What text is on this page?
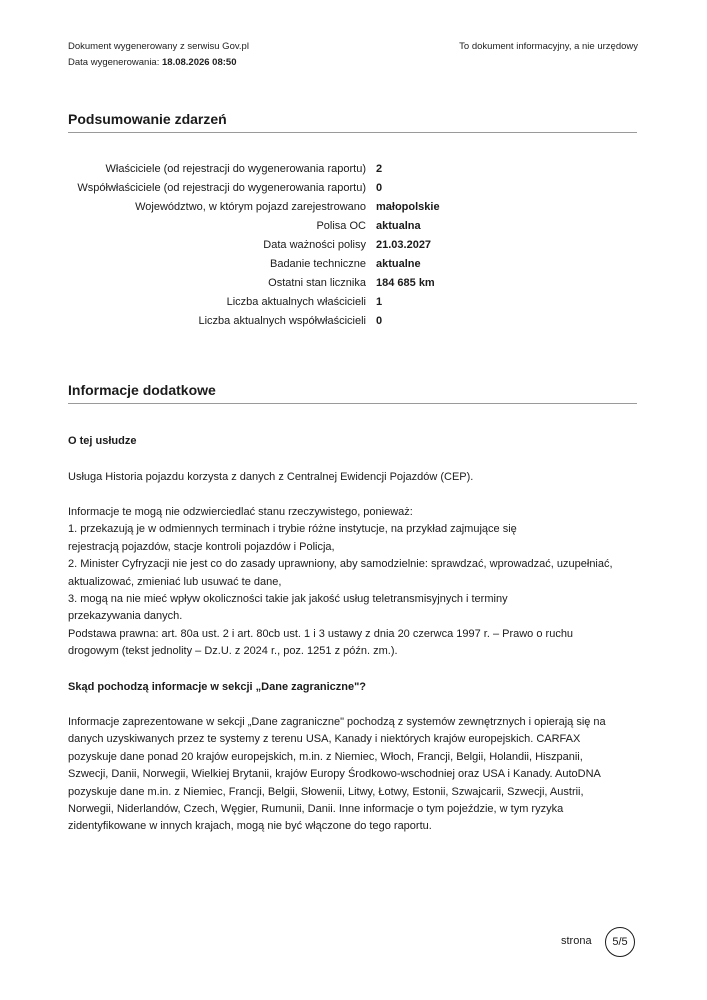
Dokument wygenerowany z serwisu Gov.pl
Data wygenerowania: 18.08.2026 08:50
To dokument informacyjny, a nie urzędowy
Podsumowanie zdarzeń
Właściciele (od rejestracji do wygenerowania raportu) 2
Współwłaściciele (od rejestracji do wygenerowania raportu) 0
Województwo, w którym pojazd zarejestrowano małopolskie
Polisa OC aktualna
Data ważności polisy 21.03.2027
Badanie techniczne aktualne
Ostatni stan licznika 184 685 km
Liczba aktualnych właścicieli 1
Liczba aktualnych współwłaścicieli 0
Informacje dodatkowe

O tej usłudze

Usługa Historia pojazdu korzysta z danych z Centralnej Ewidencji Pojazdów (CEP).

Informacje te mogą nie odzwierciedlać stanu rzeczywistego, ponieważ:
1. przekazują je w odmiennych terminach i trybie różne instytucje, na przykład zajmujące się
rejestracją pojazdów, stacje kontroli pojazdów i Policja,
2. Minister Cyfryzacji nie jest co do zasady uprawniony, aby samodzielnie: sprawdzać, wprowadzać, uzupełniać,
aktualizować, zmieniać lub usuwać te dane,
3. mogą na nie mieć wpływ okoliczności takie jak jakość usług teletransmisyjnych i terminy
przekazywania danych.
Podstawa prawna: art. 80a ust. 2 i art. 80cb ust. 1 i 3 ustawy z dnia 20 czerwca 1997 r. – Prawo o ruchu
drogowym (tekst jednolity – Dz.U. z 2024 r., poz. 1251 z późn. zm.).

Skąd pochodzą informacje w sekcji „Dane zagraniczne"?

Informacje zaprezentowane w sekcji „Dane zagraniczne" pochodzą z systemów zewnętrznych i opierają się na
danych uzyskiwanych przez te systemy z terenu USA, Kanady i niektórych krajów europejskich. CARFAX
pozyskuje dane ponad 20 krajów europejskich, m.in. z Niemiec, Włoch, Francji, Belgii, Holandii, Hiszpanii,
Szwecji, Danii, Norwegii, Wielkiej Brytanii, krajów Europy Środkowo-wschodniej oraz USA i Kanady. AutoDNA
pozyskuje dane m.in. z Niemiec, Francji, Belgii, Słowenii, Litwy, Łotwy, Estonii, Szwajcarii, Szwecji, Austrii,
Norwegii, Niderlandów, Czech, Węgier, Rumunii, Danii. Inne informacje o tym pojeździe, w tym ryzyka
zidentyfikowane w innych krajach, mogą nie być włączone do tego raportu.
strona 5/5
